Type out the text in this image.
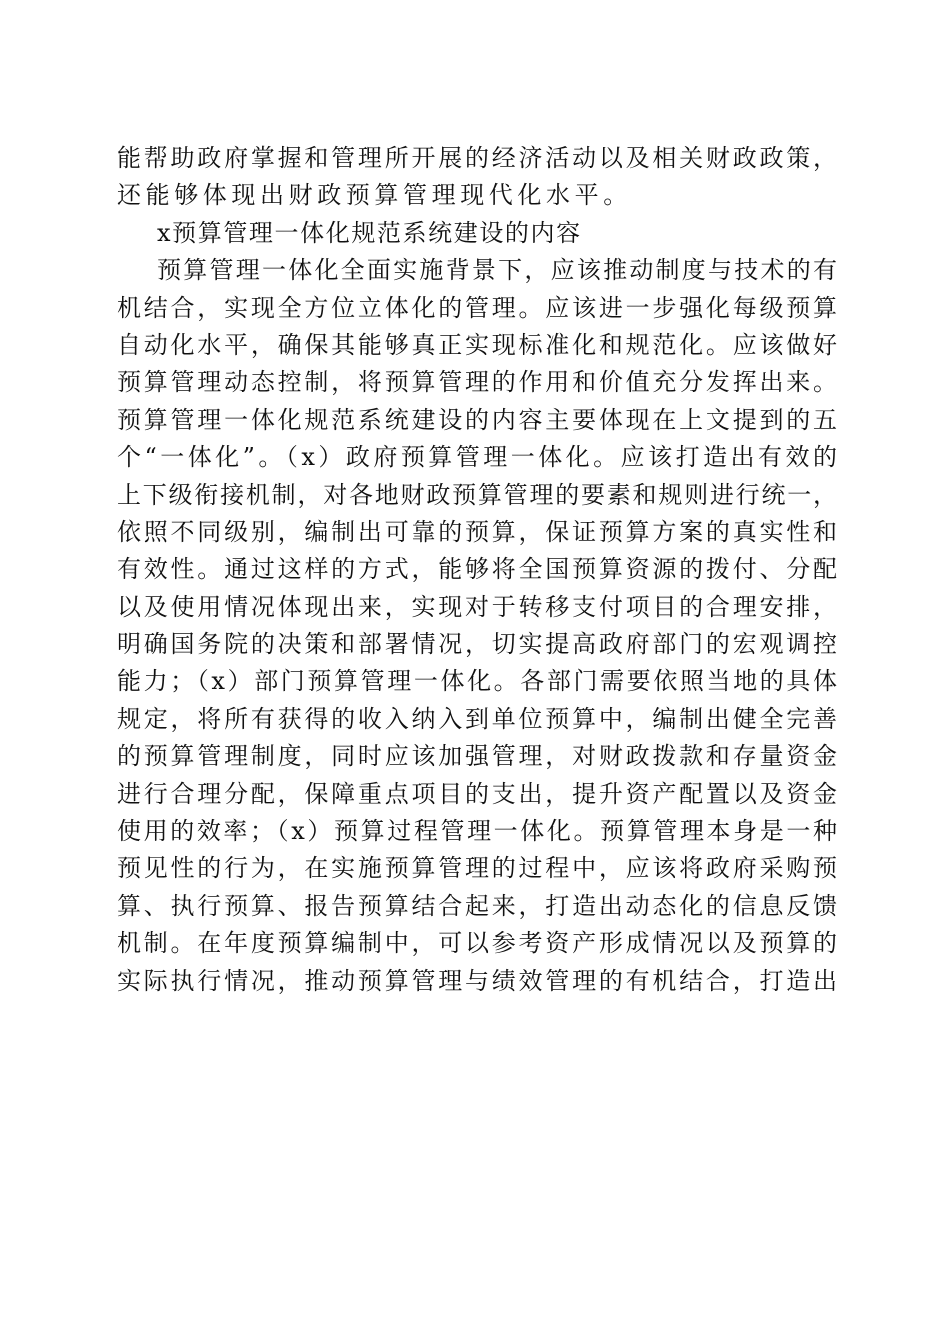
能帮助政府掌握和管理所开展的经济活动以及相关财政政策，
还能够体现出财政预算管理现代化水平。
x预算管理一体化规范系统建设的内容
预算管理一体化全面实施背景下，应该推动制度与技术的有
机结合，实现全方位立体化的管理。应该进一步强化每级预算
自动化水平，确保其能够真正实现标准化和规范化。应该做好
预算管理动态控制，将预算管理的作用和价值充分发挥出来。
预算管理一体化规范系统建设的内容主要体现在上文提到的五
个“一体化”。（x）政府预算管理一体化。应该打造出有效的
上下级衔接机制，对各地财政预算管理的要素和规则进行统一，
依照不同级别，编制出可靠的预算，保证预算方案的真实性和
有效性。通过这样的方式，能够将全国预算资源的拨付、分配
以及使用情况体现出来，实现对于转移支付项目的合理安排，
明确国务院的决策和部署情况，切实提高政府部门的宏观调控
能力；（x）部门预算管理一体化。各部门需要依照当地的具体
规定，将所有获得的收入纳入到单位预算中，编制出健全完善
的预算管理制度，同时应该加强管理，对财政拨款和存量资金
进行合理分配，保障重点项目的支出，提升资产配置以及资金
使用的效率；（x）预算过程管理一体化。预算管理本身是一种
预见性的行为，在实施预算管理的过程中，应该将政府采购预
算、执行预算、报告预算结合起来，打造出动态化的信息反馈
机制。在年度预算编制中，可以参考资产形成情况以及预算的
实际执行情况，推动预算管理与绩效管理的有机结合，打造出
